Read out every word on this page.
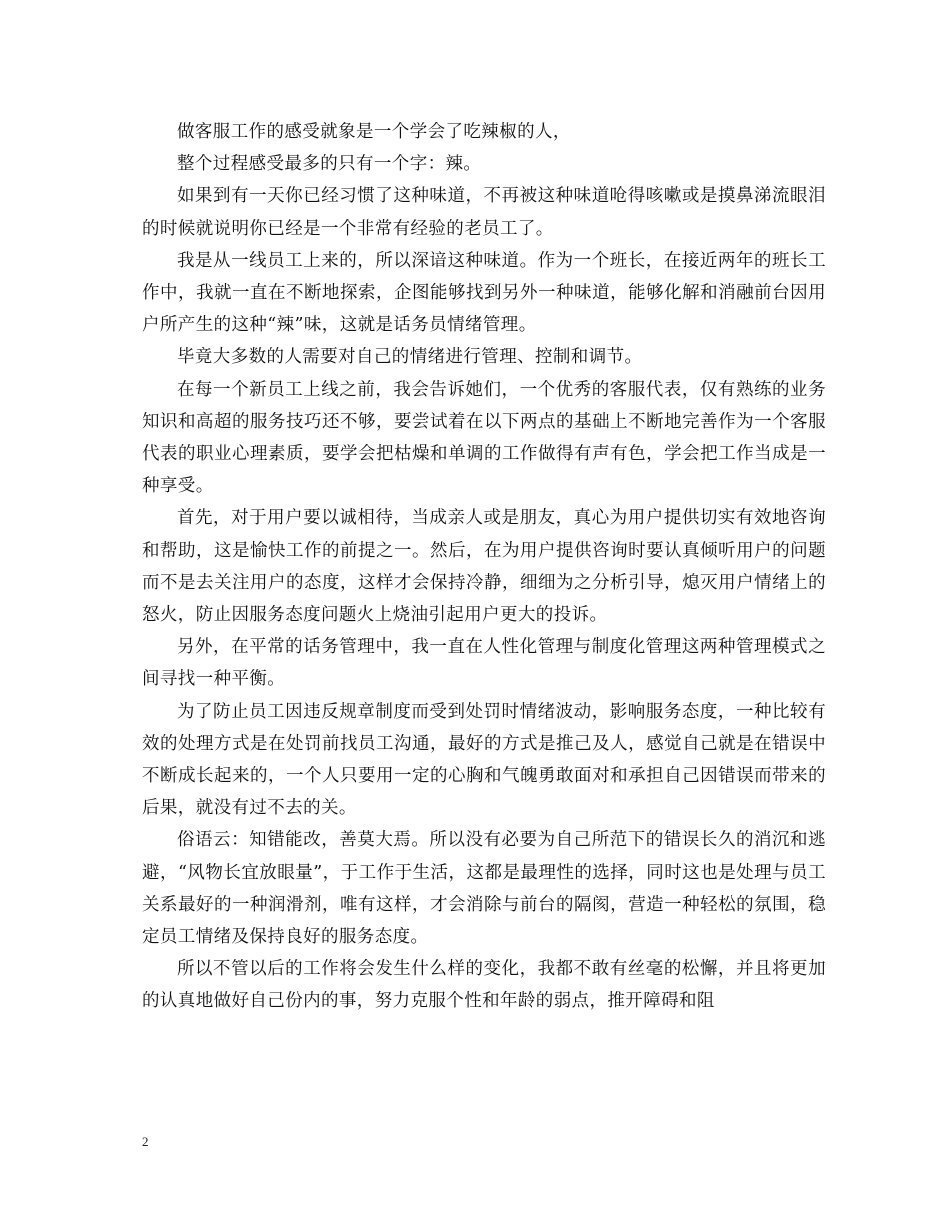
做客服工作的感受就象是一个学会了吃辣椒的人，

整个过程感受最多的只有一个字：辣。

如果到有一天你已经习惯了这种味道，不再被这种味道呛得咳嗽或是摸鼻涕流眼泪的时候就说明你已经是一个非常有经验的老员工了。

我是从一线员工上来的，所以深谙这种味道。作为一个班长，在接近两年的班长工作中，我就一直在不断地探索，企图能够找到另外一种味道，能够化解和消融前台因用户所产生的这种“辣”味，这就是话务员情绪管理。

毕竟大多数的人需要对自己的情绪进行管理、控制和调节。

在每一个新员工上线之前，我会告诉她们，一个优秀的客服代表，仅有熟练的业务知识和高超的服务技巧还不够，要尝试着在以下两点的基础上不断地完善作为一个客服代表的职业心理素质，要学会把枯燥和单调的工作做得有声有色，学会把工作当成是一种享受。

首先，对于用户要以诚相待，当成亲人或是朋友，真心为用户提供切实有效地咨询和帮助，这是愉快工作的前提之一。然后，在为用户提供咨询时要认真倾听用户的问题而不是去关注用户的态度，这样才会保持冷静，细细为之分析引导，熄灭用户情绪上的怒火，防止因服务态度问题火上烧油引起用户更大的投诉。

另外，在平常的话务管理中，我一直在人性化管理与制度化管理这两种管理模式之间寻找一种平衡。

为了防止员工因违反规章制度而受到处罚时情绪波动，影响服务态度，一种比较有效的处理方式是在处罚前找员工沟通，最好的方式是推己及人，感觉自己就是在错误中不断成长起来的，一个人只要用一定的心胸和气魄勇敢面对和承担自己因错误而带来的后果，就没有过不去的关。

俗语云：知错能改，善莫大焉。所以没有必要为自己所范下的错误长久的消沉和逃避，“风物长宜放眼量”，于工作于生活，这都是最理性的选择，同时这也是处理与员工关系最好的一种润滑剂，唯有这样，才会消除与前台的隔阂，营造一种轻松的氛围，稳定员工情绪及保持良好的服务态度。

所以不管以后的工作将会发生什么样的变化，我都不敢有丝毫的松懈，并且将更加的认真地做好自己份内的事，努力克服个性和年龄的弱点，推开障碍和阻

2
